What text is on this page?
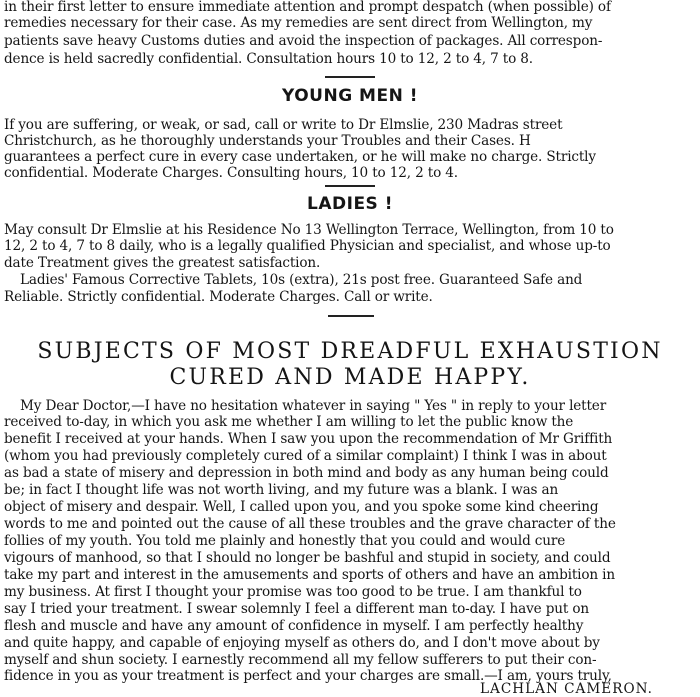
in their first letter to ensure immediate attention and prompt despatch (when possible) of
remedies necessary for their case. As my remedies are sent direct from Wellington, my
patients save heavy Customs duties and avoid the inspection of packages. All correspon-
dence is held sacredly confidential. Consultation hours 10 to 12, 2 to 4, 7 to 8.
YOUNG MEN !
If you are suffering, or weak, or sad, call or write to Dr Elmslie, 230 Madras street
Christchurch, as he thoroughly understands your Troubles and their Cases. H
guarantees a perfect cure in every case undertaken, or he will make no charge. Strictly
confidential. Moderate Charges. Consulting hours, 10 to 12, 2 to 4.
LADIES !
May consult Dr Elmslie at his Residence No 13 Wellington Terrace, Wellington, from 10 to
12, 2 to 4, 7 to 8 daily, who is a legally qualified Physician and specialist, and whose up-to
date Treatment gives the greatest satisfaction.
Ladies' Famous Corrective Tablets, 10s (extra), 21s post free. Guaranteed Safe and
Reliable. Strictly confidential. Moderate Charges. Call or write.
SUBJECTS OF MOST DREADFUL EXHAUSTION
CURED AND MADE HAPPY.
My Dear Doctor,—I have no hesitation whatever in saying " Yes " in reply to your letter
received to-day, in which you ask me whether I am willing to let the public know the
benefit I received at your hands. When I saw you upon the recommendation of Mr Griffith
(whom you had previously completely cured of a similar complaint) I think I was in about
as bad a state of misery and depression in both mind and body as any human being could
be; in fact I thought life was not worth living, and my future was a blank. I was an
object of misery and despair. Well, I called upon you, and you spoke some kind cheering
words to me and pointed out the cause of all these troubles and the grave character of the
follies of my youth. You told me plainly and honestly that you could and would cure
vigours of manhood, so that I should no longer be bashful and stupid in society, and could
take my part and interest in the amusements and sports of others and have an ambition in
my business. At first I thought your promise was too good to be true. I am thankful to
say I tried your treatment. I swear solemnly I feel a different man to-day. I have put on
flesh and muscle and have any amount of confidence in myself. I am perfectly healthy
and quite happy, and capable of enjoying myself as others do, and I don't move about by
myself and shun society. I earnestly recommend all my fellow sufferers to put their con-
fidence in you as your treatment is perfect and your charges are small.—I am, yours truly,
LACHLAN CAMERON.
